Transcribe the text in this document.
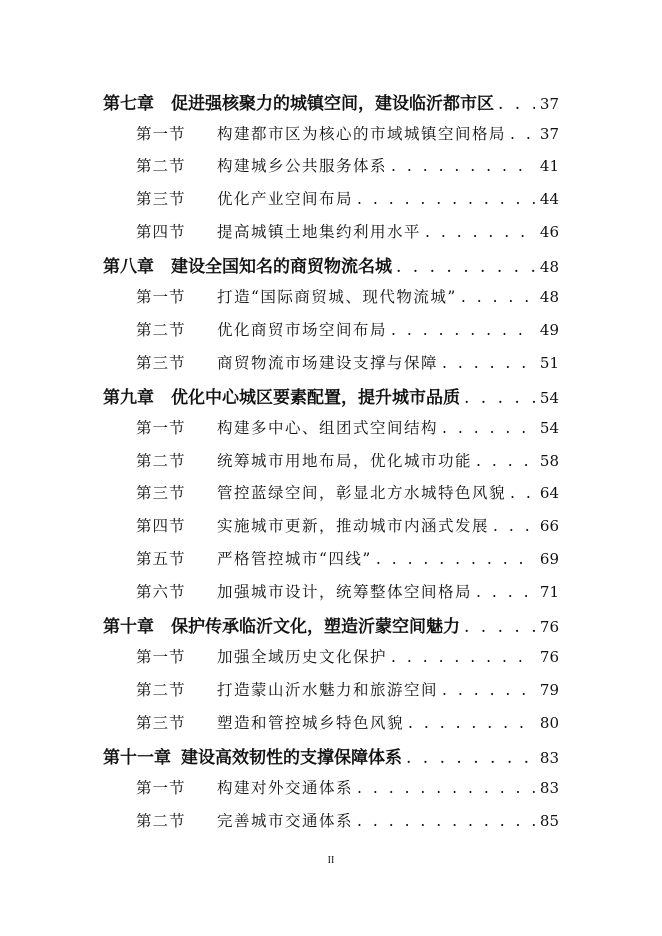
第七章 促进强核聚力的城镇空间，建设临沂都市区 . . .	37
第一节 构建都市区为核心的市域城镇空间格局 . . . 37
第二节 构建城乡公共服务体系 . . .	41
第三节 优化产业空间布局 . . .	44
第四节 提高城镇土地集约利用水平 . . .	46
第八章 建设全国知名的商贸物流名城 . . .	48
第一节 打造“国际商贸城、现代物流城” . . .	48
第二节 优化商贸市场空间布局 . . .	49
第三节 商贸物流市场建设支撑与保障 . . .	51
第九章 优化中心城区要素配置，提升城市品质 . . .	54
第一节 构建多中心、组团式空间结构 . . .	54
第二节 统筹城市用地布局，优化城市功能 . . .	58
第三节 管控蓝绿空间，彰显北方水城特色风貌 . . . 64
第四节 实施城市更新，推动城市内涵式发展 . . .	66
第五节 严格管控城市“四线” . . .	69
第六节 加强城市设计，统筹整体空间格局 . . .	71
第十章 保护传承临沂文化，塑造沂蒙空间魅力 . . .	76
第一节 加强全域历史文化保护 . . .	76
第二节 打造蒙山沂水魅力和旅游空间 . . .	79
第三节 塑造和管控城乡特色风貌 . . .	80
第十一章 建设高效韧性的支撑保障体系 . . .	83
第一节 构建对外交通体系 . . .	83
第二节 完善城市交通体系 . . .	85
II
